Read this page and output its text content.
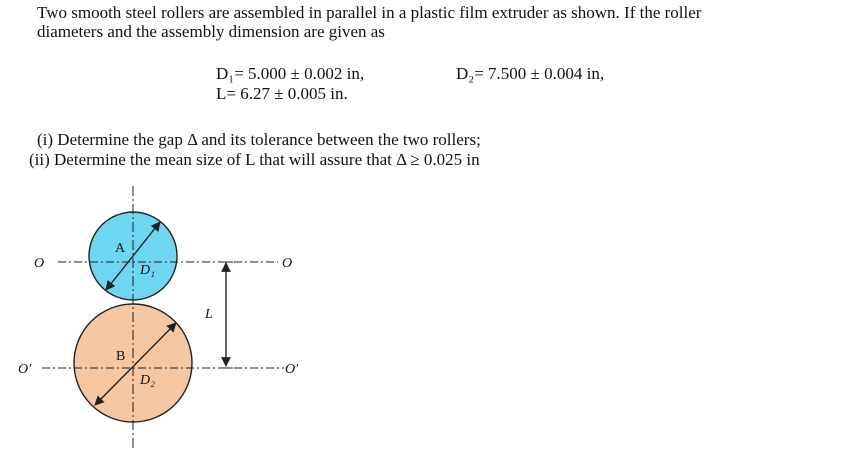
Two smooth steel rollers are assembled in parallel in a plastic film extruder as shown. If the roller
diameters and the assembly dimension are given as
D₁= 5.000 ± 0.002 in,	D₂= 7.500 ± 0.004 in,
L= 6.27 ± 0.005 in.
(i) Determine the gap Δ and its tolerance between the two rollers;
(ii) Determine the mean size of L that will assure that Δ ≥ 0.025 in
O	O
O′	O′
A
B
D₁
D₂
L
